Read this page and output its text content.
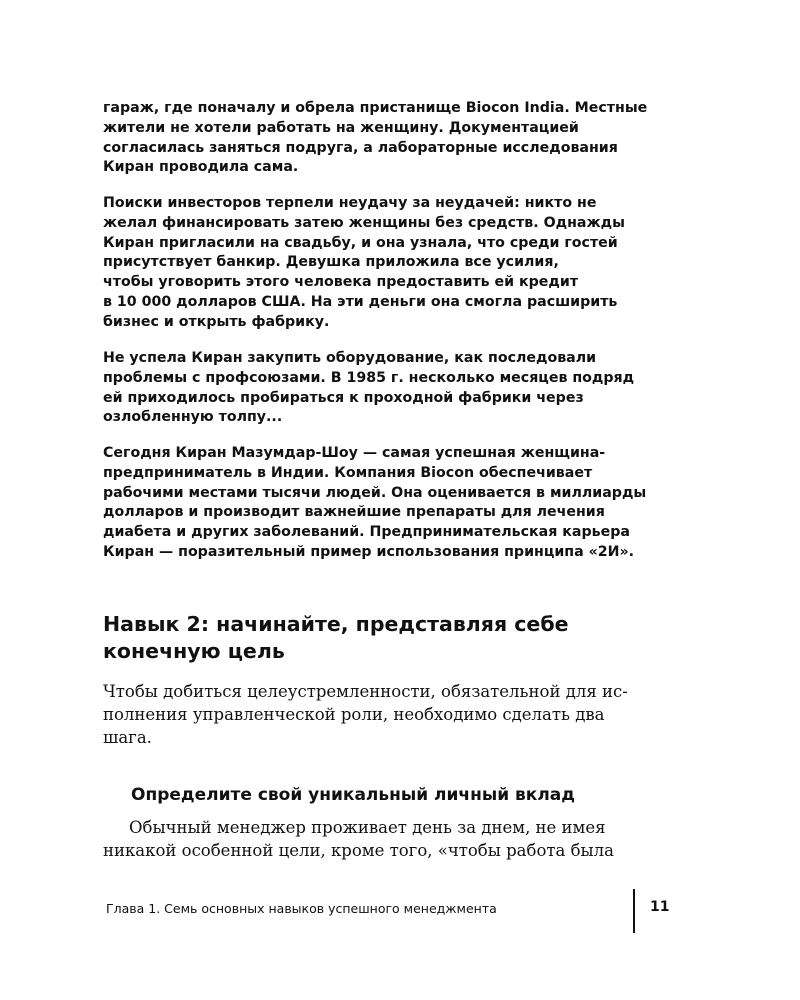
гараж, где поначалу и обрела пристанище Biocon India. Местные

жители не хотели работать на женщину. Документацией

согласилась заняться подруга, а лабораторные исследования

Киран проводила сама.

Поиски инвесторов терпели неудачу за неудачей: никто не

желал финансировать затею женщины без средств. Однажды

Киран пригласили на свадьбу, и она узнала, что среди гостей

присутствует банкир. Девушка приложила все усилия,

чтобы уговорить этого человека предоставить ей кредит

в 10 000 долларов США. На эти деньги она смогла расширить

бизнес и открыть фабрику.

Не успела Киран закупить оборудование, как последовали

проблемы с профсоюзами. В 1985 г. несколько месяцев подряд

ей приходилось пробираться к проходной фабрики через

озлобленную толпу...

Сегодня Киран Мазумдар-Шоу — самая успешная женщина-

предприниматель в Индии. Компания Biocon обеспечивает

рабочими местами тысячи людей. Она оценивается в миллиарды

долларов и производит важнейшие препараты для лечения

диабета и других заболеваний. Предпринимательская карьера

Киран — поразительный пример использования принципа «2И».

Навык 2: начинайте, представляя себе
конечную цель
Чтобы добиться целеустремленности, обязательной для ис-
полнения управленческой роли, необходимо сделать два
шага.
Определите свой уникальный личный вклад
Обычный менеджер проживает день за днем, не имея
никакой особенной цели, кроме того, «чтобы работа была
Глава 1. Семь основных навыков успешного менеджмента	11
